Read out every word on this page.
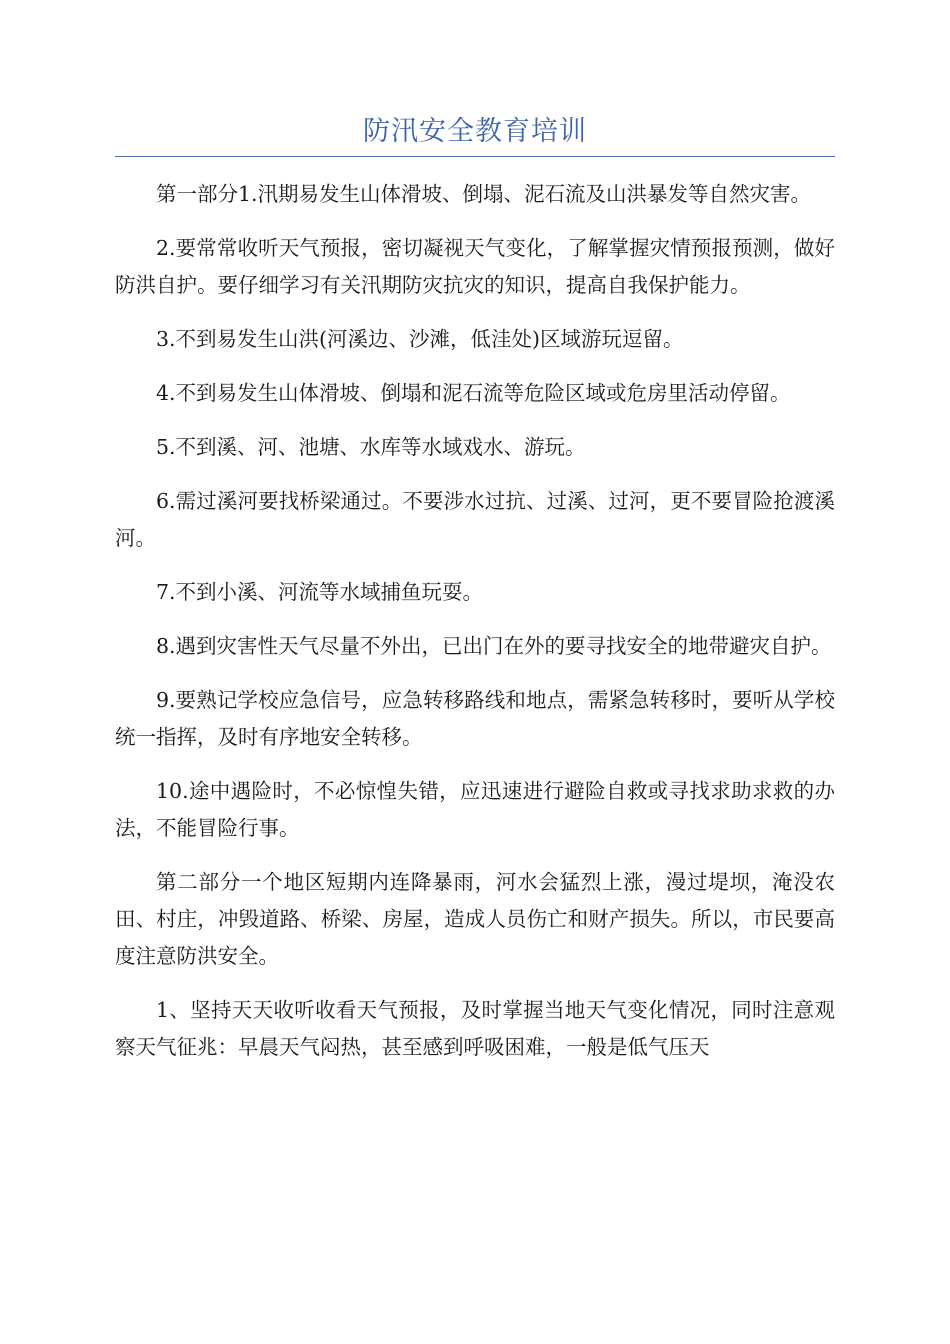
防汛安全教育培训

第一部分1.汛期易发生山体滑坡、倒塌、泥石流及山洪暴发等自然灾害。

2.要常常收听天气预报，密切凝视天气变化，了解掌握灾情预报预测，做好防洪自护。要仔细学习有关汛期防灾抗灾的知识，提高自我保护能力。

3.不到易发生山洪(河溪边、沙滩，低洼处)区域游玩逗留。

4.不到易发生山体滑坡、倒塌和泥石流等危险区域或危房里活动停留。

5.不到溪、河、池塘、水库等水域戏水、游玩。

6.需过溪河要找桥梁通过。不要涉水过抗、过溪、过河，更不要冒险抢渡溪河。

7.不到小溪、河流等水域捕鱼玩耍。

8.遇到灾害性天气尽量不外出，已出门在外的要寻找安全的地带避灾自护。

9.要熟记学校应急信号，应急转移路线和地点，需紧急转移时，要听从学校统一指挥，及时有序地安全转移。

10.途中遇险时，不必惊惶失错，应迅速进行避险自救或寻找求助求救的办法，不能冒险行事。

第二部分一个地区短期内连降暴雨，河水会猛烈上涨，漫过堤坝，淹没农田、村庄，冲毁道路、桥梁、房屋，造成人员伤亡和财产损失。所以，市民要高度注意防洪安全。

1、坚持天天收听收看天气预报，及时掌握当地天气变化情况，同时注意观察天气征兆：早晨天气闷热，甚至感到呼吸困难，一般是低气压天
